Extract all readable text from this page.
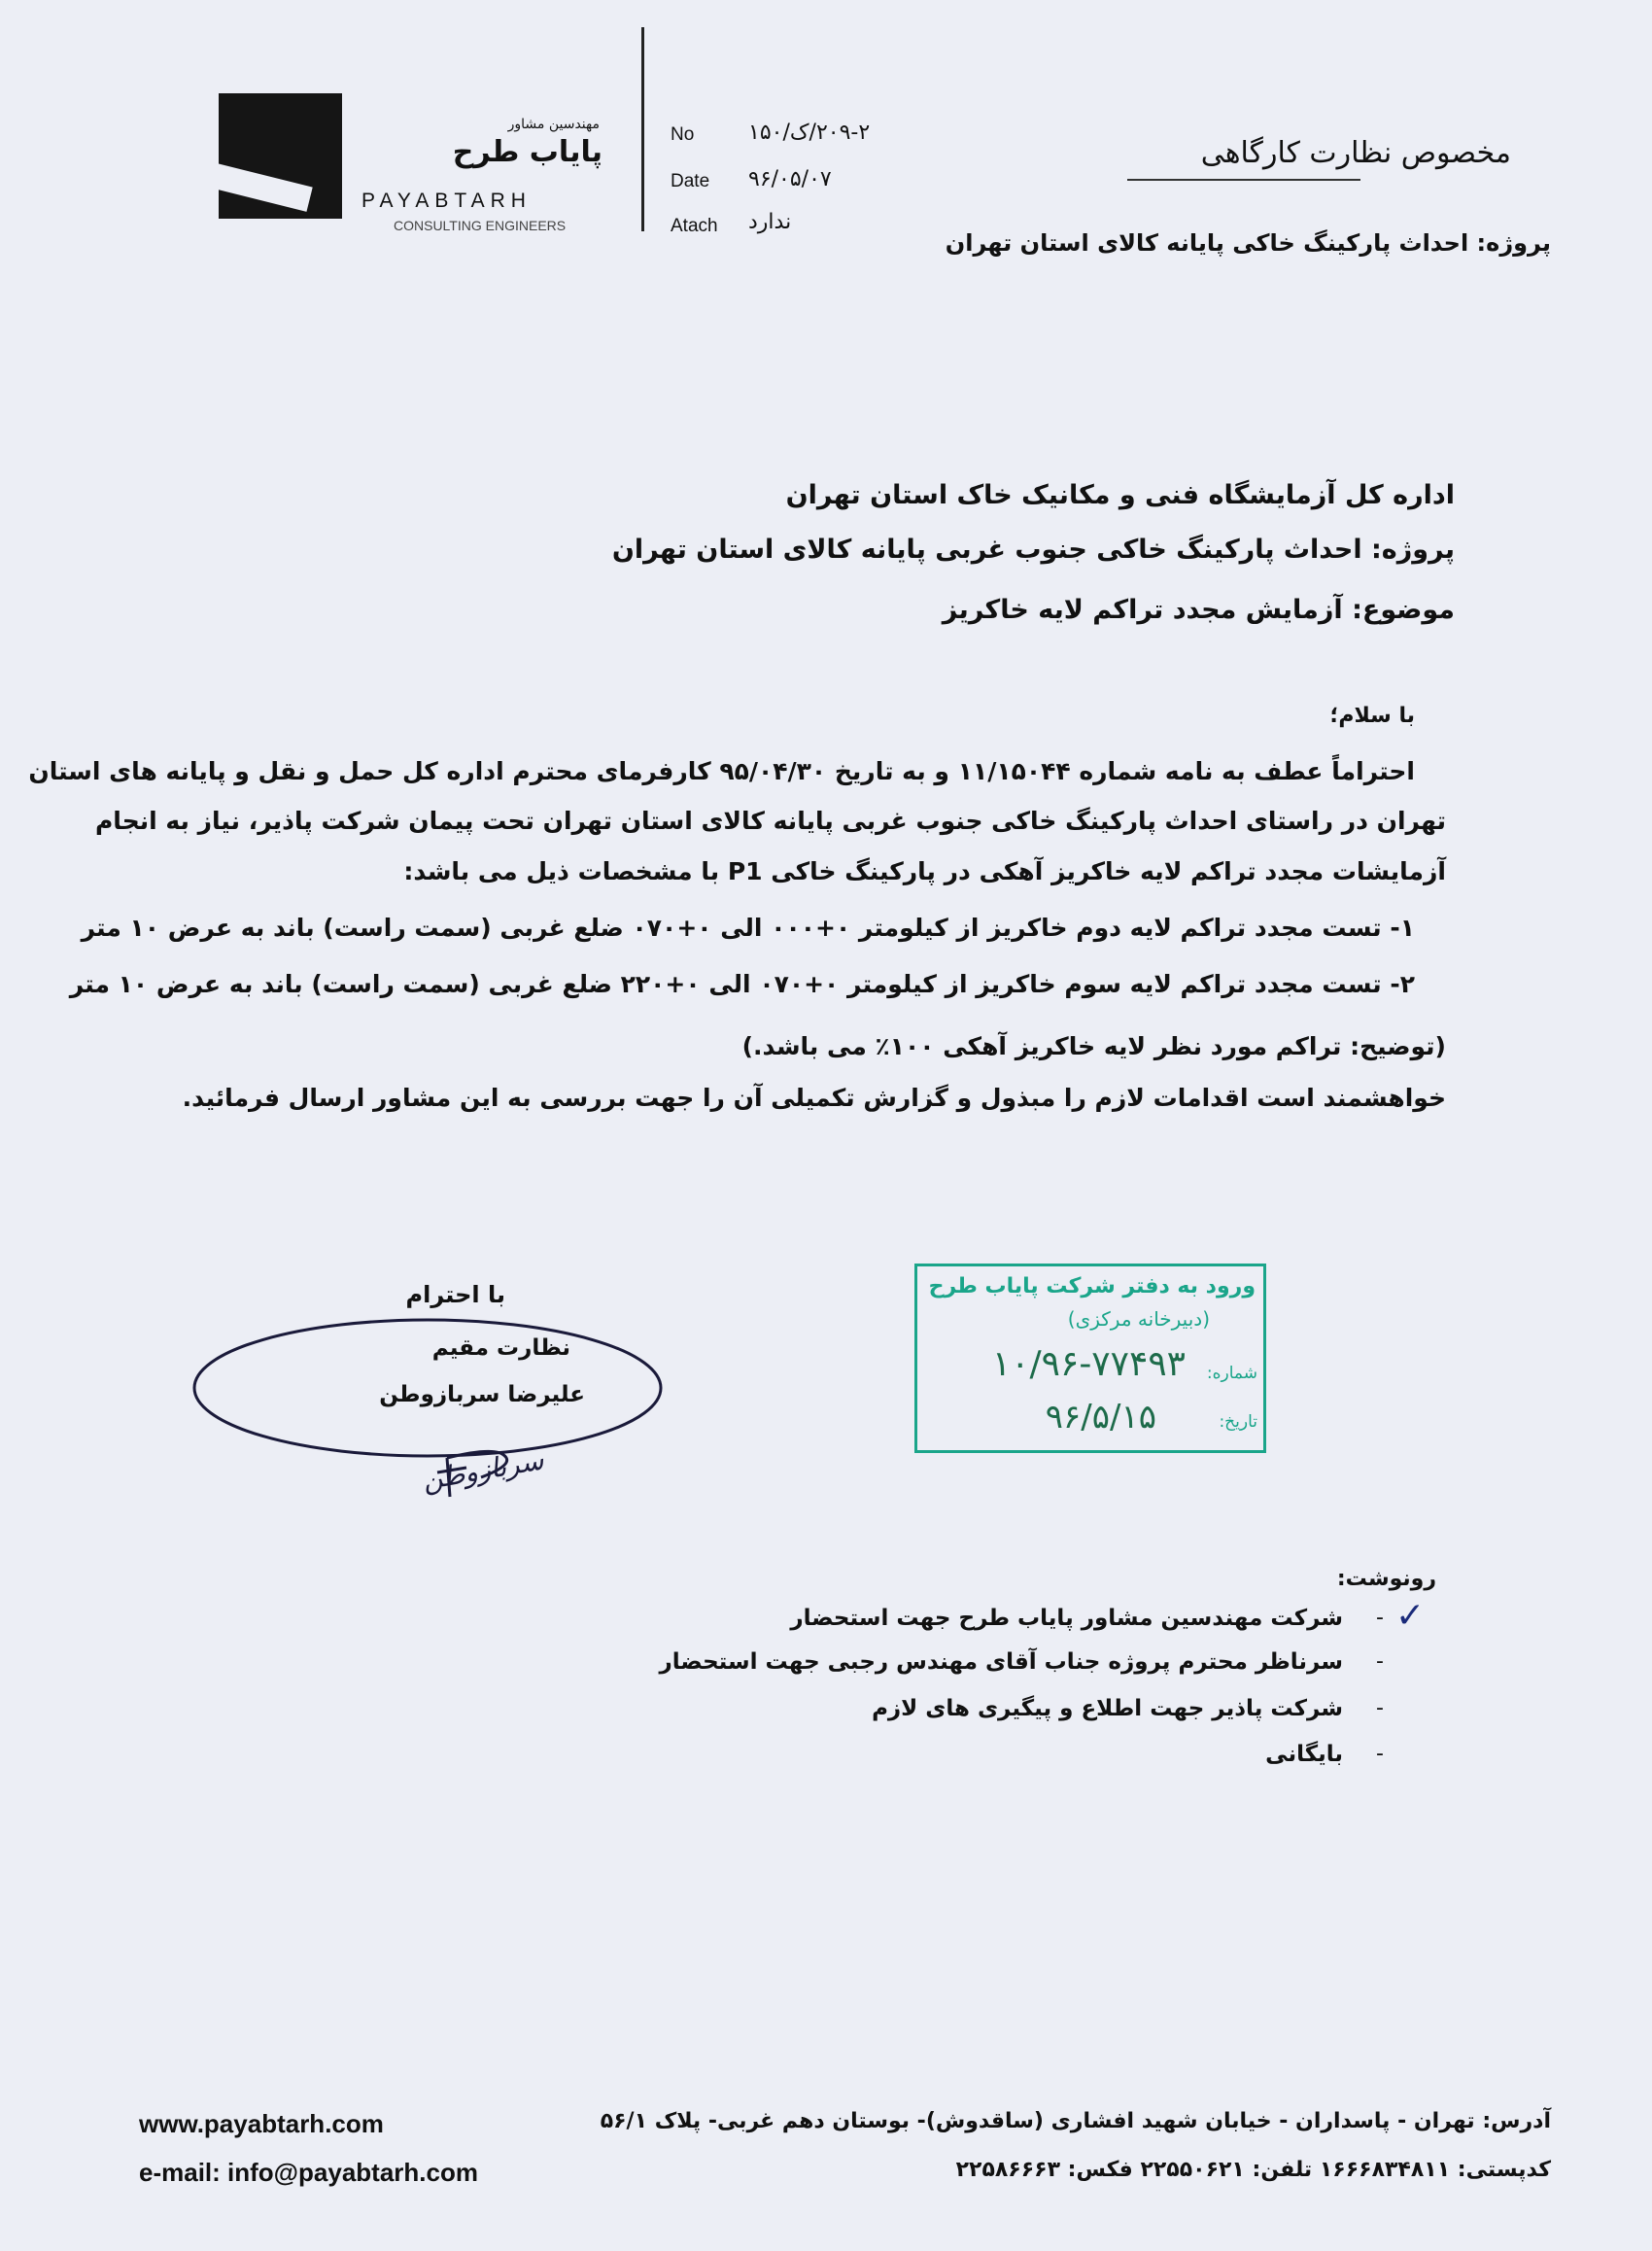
مهندسین مشاور
پایاب طرح
PAYABTARH
CONSULTING ENGINEERS
No	۲۰۹-۲/ک/۱۵۰
Date ۹۶/۰۵/۰۷
Atach ندارد
مخصوص نظارت کارگاهی
پروژه: احداث پارکینگ خاکی پایانه کالای استان تهران
اداره کل آزمایشگاه فنی و مکانیک خاک استان تهران
پروژه: احداث پارکینگ خاکی جنوب غربی پایانه کالای استان تهران
موضوع: آزمایش مجدد تراکم لایه خاکریز
با سلام؛
احتراماً عطف به نامه شماره ۱۱/۱۵۰۴۴ و به تاریخ ۹۵/۰۴/۳۰ کارفرمای محترم اداره کل حمل و نقل و پایانه های استان
تهران در راستای احداث پارکینگ خاکی جنوب غربی پایانه کالای استان تهران تحت پیمان شرکت پاذیر، نیاز به انجام
آزمایشات مجدد تراکم لایه خاکریز آهکی در پارکینگ خاکی P1 با مشخصات ذیل می باشد:
۱- تست مجدد تراکم لایه دوم خاکریز از کیلومتر ۰+۰۰۰ الی ۰+۰۷۰ ضلع غربی (سمت راست) باند به عرض ۱۰ متر
۲- تست مجدد تراکم لایه سوم خاکریز از کیلومتر ۰+۰۷۰ الی ۰+۲۲۰ ضلع غربی (سمت راست) باند به عرض ۱۰ متر
(توضیح: تراکم مورد نظر لایه خاکریز آهکی ۱۰۰٪ می باشد.)
خواهشمند است اقدامات لازم را مبذول و گزارش تکمیلی آن را جهت بررسی به این مشاور ارسال فرمائید.
با احترام
نظارت مقیم
علیرضا سربازوطن
سربازوطن
ورود به دفتر شرکت پایاب طرح
(دبیرخانه مرکزی)
شماره:
۱۰/۹۶-۷۷۴۹۳
تاریخ:
۹۶/۵/۱۵
رونوشت:
✓
-
شرکت مهندسین مشاور پایاب طرح جهت استحضار
-
سرناظر محترم پروژه جناب آقای مهندس رجبی جهت استحضار
-
شرکت پاذیر جهت اطلاع و پیگیری های لازم
-
بایگانی
www.payabtarh.com
e-mail: info@payabtarh.com
آدرس: تهران - پاسداران - خیابان شهید افشاری (ساقدوش)- بوستان دهم غربی- پلاک ۵۶/۱
کدپستی: ۱۶۶۶۸۳۴۸۱۱ تلفن: ۲۲۵۵۰۶۲۱ فکس: ۲۲۵۸۶۶۶۳
